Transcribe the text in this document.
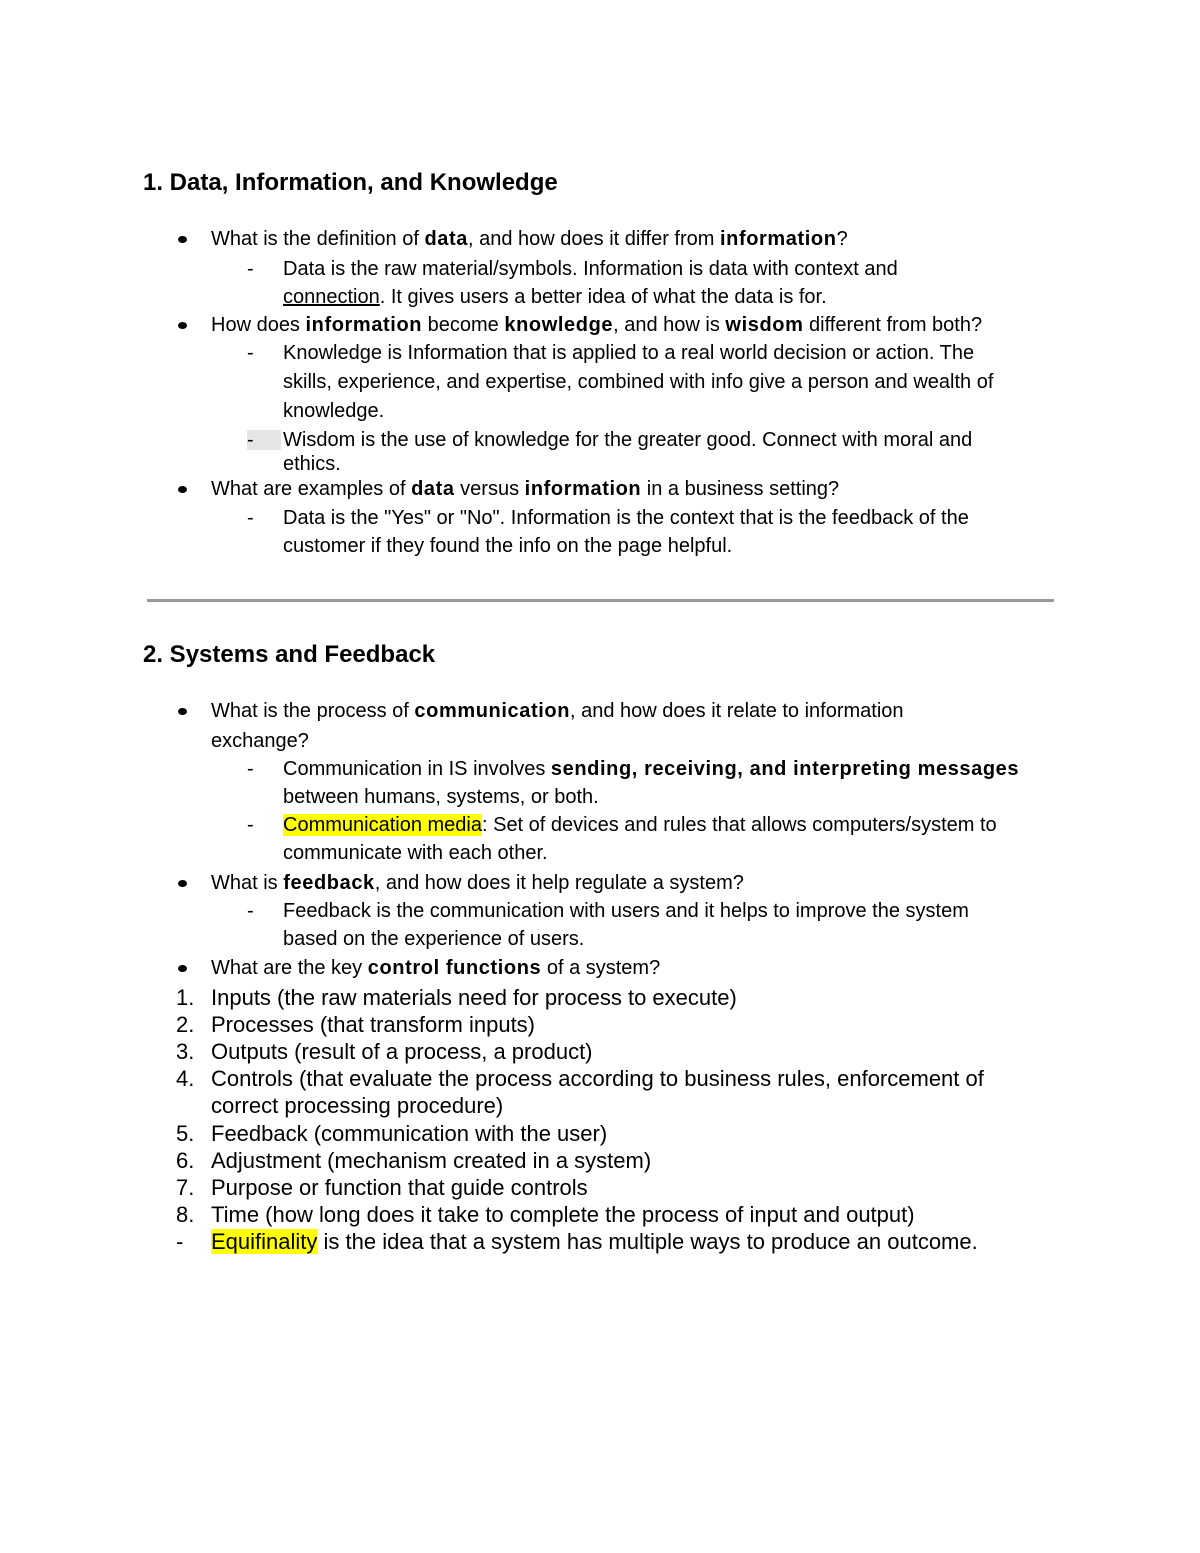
1. Data, Information, and Knowledge
What is the definition of data, and how does it differ from information?
- Data is the raw material/symbols. Information is data with context and
connection. It gives users a better idea of what the data is for.
How does information become knowledge, and how is wisdom different from both?
- Knowledge is Information that is applied to a real world decision or action. The
skills, experience, and expertise, combined with info give a person and wealth of
knowledge.
- Wisdom is the use of knowledge for the greater good. Connect with moral and
ethics.
What are examples of data versus information in a business setting?
- Data is the "Yes" or "No". Information is the context that is the feedback of the
customer if they found the info on the page helpful.
2. Systems and Feedback
What is the process of communication, and how does it relate to information
exchange?
- Communication in IS involves sending, receiving, and interpreting messages
between humans, systems, or both.
- Communication media: Set of devices and rules that allows computers/system to
communicate with each other.
What is feedback, and how does it help regulate a system?
- Feedback is the communication with users and it helps to improve the system
based on the experience of users.
What are the key control functions of a system?
1. Inputs (the raw materials need for process to execute)
2. Processes (that transform inputs)
3. Outputs (result of a process, a product)
4. Controls (that evaluate the process according to business rules, enforcement of
correct processing procedure)
5. Feedback (communication with the user)
6. Adjustment (mechanism created in a system)
7. Purpose or function that guide controls
8. Time (how long does it take to complete the process of input and output)
- Equifinality is the idea that a system has multiple ways to produce an outcome.
